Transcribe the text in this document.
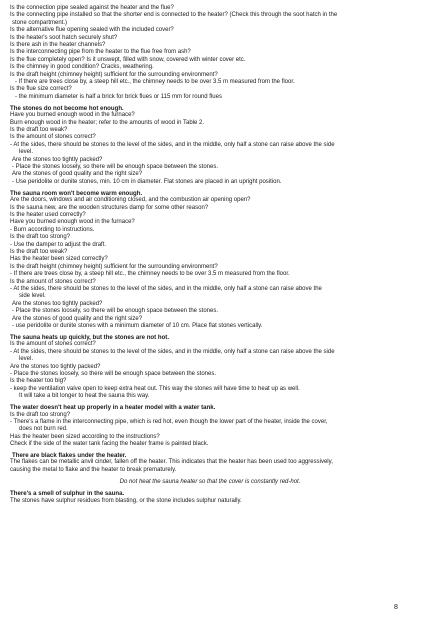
Is the connection pipe sealed against the heater and the flue?
Is the connecting pipe installed so that the shorter end is connected to the heater? (Check this through the soot hatch in the
stone compartment.)
Is the alternative flue opening sealed with the included cover?
Is the heater's soot hatch securely shut?
Is there ash in the heater channels?
Is the interconnecting pipe from the heater to the flue free from ash?
Is the flue completely open? Is it unswept, filled with snow, covered with winter cover etc.
Is the chimney in good condition? Cracks, weathering.
Is the draft height (chimney height) sufficient for the surrounding environment?
- If there are trees close by, a steep hill etc., the chimney needs to be over 3.5 m measured from the floor.
Is the flue size correct?
- the minimum diameter is half a brick for brick flues or 115 mm for round flues
The stones do not become hot enough.
Have you burned enough wood in the furnace?
Burn enough wood in the heater; refer to the amounts of wood in Table 2.
Is the draft too weak?
Is the amount of stones correct?
- At the sides, there should be stones to the level of the sides, and in the middle, only half a stone can raise above the side
level.
Are the stones too tightly packed?
- Place the stones loosely, so there will be enough space between the stones.
Are the stones of good quality and the right size?
- Use peridolite or dunite stones, min. 10 cm in diameter. Flat stones are placed in an upright position.
The sauna room won't become warm enough.
Are the doors, windows and air conditioning closed, and the combustion air opening open?
Is the sauna new, are the wooden structures damp for some other reason?
Is the heater used correctly?
Have you burned enough wood in the furnace?
- Burn according to instructions.
Is the draft too strong?
- Use the damper to adjust the draft.
Is the draft too weak?
Has the heater been sized correctly?
Is the draft height (chimney height) sufficient for the surrounding environment?
- If there are trees close by, a steep hill etc., the chimney needs to be over 3.5 m measured from the floor.
Is the amount of stones correct?
- At the sides, there should be stones to the level of the sides, and in the middle, only half a stone can raise above the
side level.
Are the stones too tightly packed?
- Place the stones loosely, so there will be enough space between the stones.
Are the stones of good quality and the right size?
- use peridolite or dunite stones with a minimum diameter of 10 cm. Place flat stones vertically.
The sauna heats up quickly, but the stones are not hot.
Is the amount of stones correct?
- At the sides, there should be stones to the level of the sides, and in the middle, only half a stone can raise above the side
level.
Are the stones too tightly packed?
- Place the stones loosely, so there will be enough space between the stones.
Is the heater too big?
- keep the ventilation valve open to keep extra heat out. This way the stones will have time to heat up as well.
It will take a bit longer to heat the sauna this way.
The water doesn't heat up properly in a heater model with a water tank.
Is the draft too strong?
- There's a flame in the interconnecting pipe, which is red hot, even though the lower part of the heater, inside the cover,
does not burn red.
Has the heater been sized according to the instructions?
Check if the side of the water tank facing the heater frame is painted black.
There are black flakes under the heater.
The flakes can be metallic anvil cinder, fallen off the heater. This indicates that the heater has been used too aggressively,
causing the metal to flake and the heater to break prematurely.
Do not heat the sauna heater so that the cover is constantly red-hot.
There's a smell of sulphur in the sauna.
The stones have sulphur residues from blasting, or the stone includes sulphur naturally.
8
